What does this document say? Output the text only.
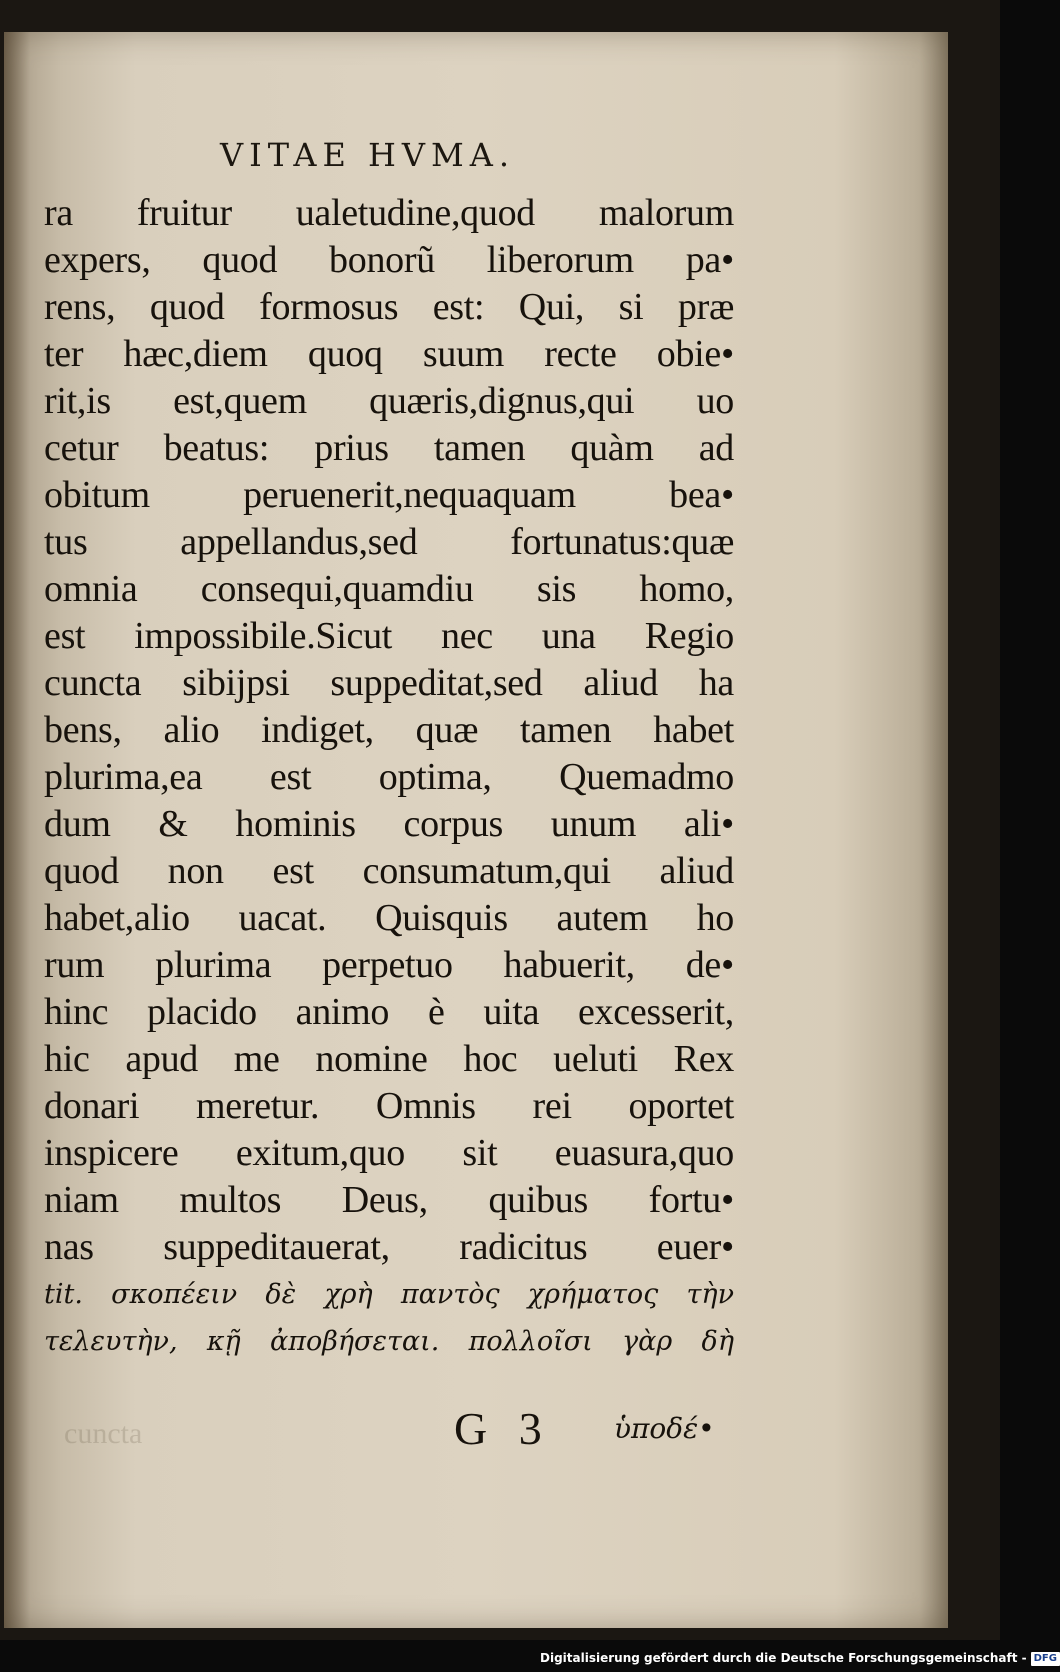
VITAE HVMA.
ra fruitur ualetudine,quod malorum
expers, quod bonorũ liberorum pa•
rens, quod formosus est: Qui, si præ
ter hæc,diem quoq suum recte obie•
rit,is est,quem quæris,dignus,qui uo
cetur beatus: prius tamen quàm ad
obitum peruenerit,nequaquam bea•
tus appellandus,sed fortunatus:quæ
omnia consequi,quamdiu sis homo,
est impossibile.Sicut nec una Regio
cuncta sibijpsi suppeditat,sed aliud ha
bens, alio indiget, quæ tamen habet
plurima,ea est optima, Quemadmo
dum & hominis corpus unum ali•
quod non est consumatum,qui aliud
habet,alio uacat. Quisquis autem ho
rum plurima perpetuo habuerit, de•
hinc placido animo è uita excesserit,
hic apud me nomine hoc ueluti Rex
donari meretur. Omnis rei oportet
inspicere exitum,quo sit euasura,quo
niam multos Deus, quibus fortu•
nas suppeditauerat, radicitus euer•
tit. σκοπέειν δὲ χρὴ παντὸς χρήματος τὴν
τελευτὴν, κῇ ἀποβήσεται. πολλοῖσι γὰρ δὴ
cuncta	G 3 ὑποδέ•
Digitalisierung gefördert durch die Deutsche Forschungsgemeinschaft - DFG
